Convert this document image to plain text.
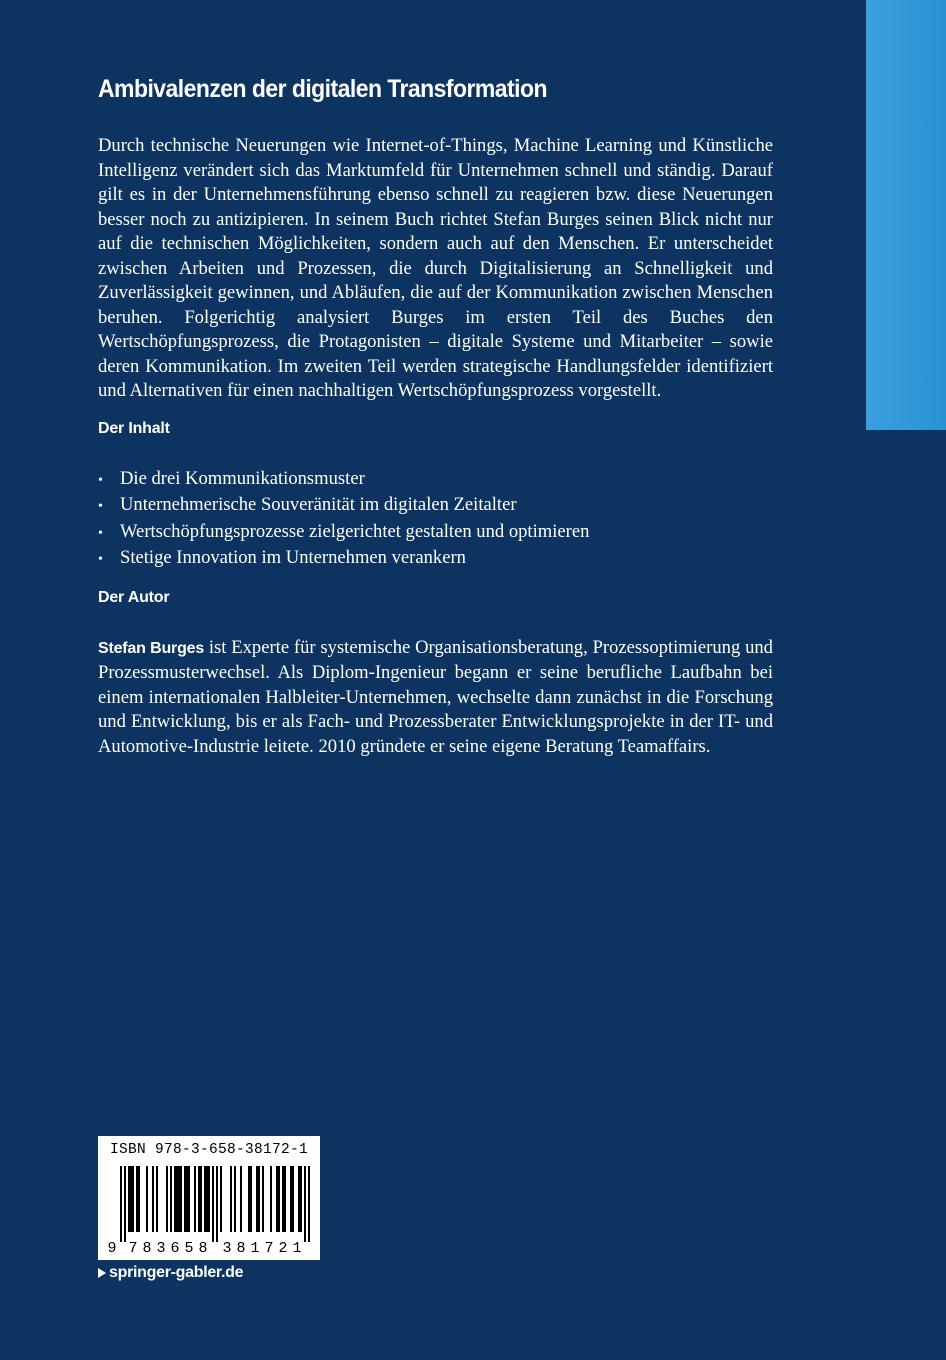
Ambivalenzen der digitalen Transformation

Durch technische Neuerungen wie Internet-of-Things, Machine Learning und Künstliche Intelligenz verändert sich das Marktumfeld für Unternehmen schnell und ständig. Darauf gilt es in der Unternehmensführung ebenso schnell zu reagieren bzw. diese Neuerungen besser noch zu antizipieren. In seinem Buch richtet Stefan Burges seinen Blick nicht nur auf die technischen Möglichkeiten, sondern auch auf den Menschen. Er unterscheidet zwischen Arbeiten und Prozessen, die durch Digitalisierung an Schnelligkeit und Zuverlässigkeit gewinnen, und Abläufen, die auf der Kommunikation zwischen Menschen beruhen. Folgerichtig analysiert Burges im ersten Teil des Buches den Wertschöpfungsprozess, die Protagonisten – digitale Systeme und Mitarbeiter – sowie deren Kommunikation. Im zweiten Teil werden strategische Handlungsfelder identifiziert und Alternativen für einen nachhaltigen Wertschöpfungsprozess vorgestellt.

Der Inhalt
• Die drei Kommunikationsmuster
• Unternehmerische Souveränität im digitalen Zeitalter
• Wertschöpfungsprozesse zielgerichtet gestalten und optimieren
• Stetige Innovation im Unternehmen verankern
Der Autor

Stefan Burges ist Experte für systemische Organisationsberatung, Prozessoptimierung und Prozessmusterwechsel. Als Diplom-Ingenieur begann er seine berufliche Laufbahn bei einem internationalen Halbleiter-Unternehmen, wechselte dann zunächst in die Forschung und Entwicklung, bis er als Fach- und Prozessberater Entwicklungsprojekte in der IT- und Automotive-Industrie leitete. 2010 gründete er seine eigene Beratung Teamaffairs.

ISBN 978-3-658-38172-1
9 7 8 3 6 5 8 3 8 1 7 2 1
springer-gabler.de
